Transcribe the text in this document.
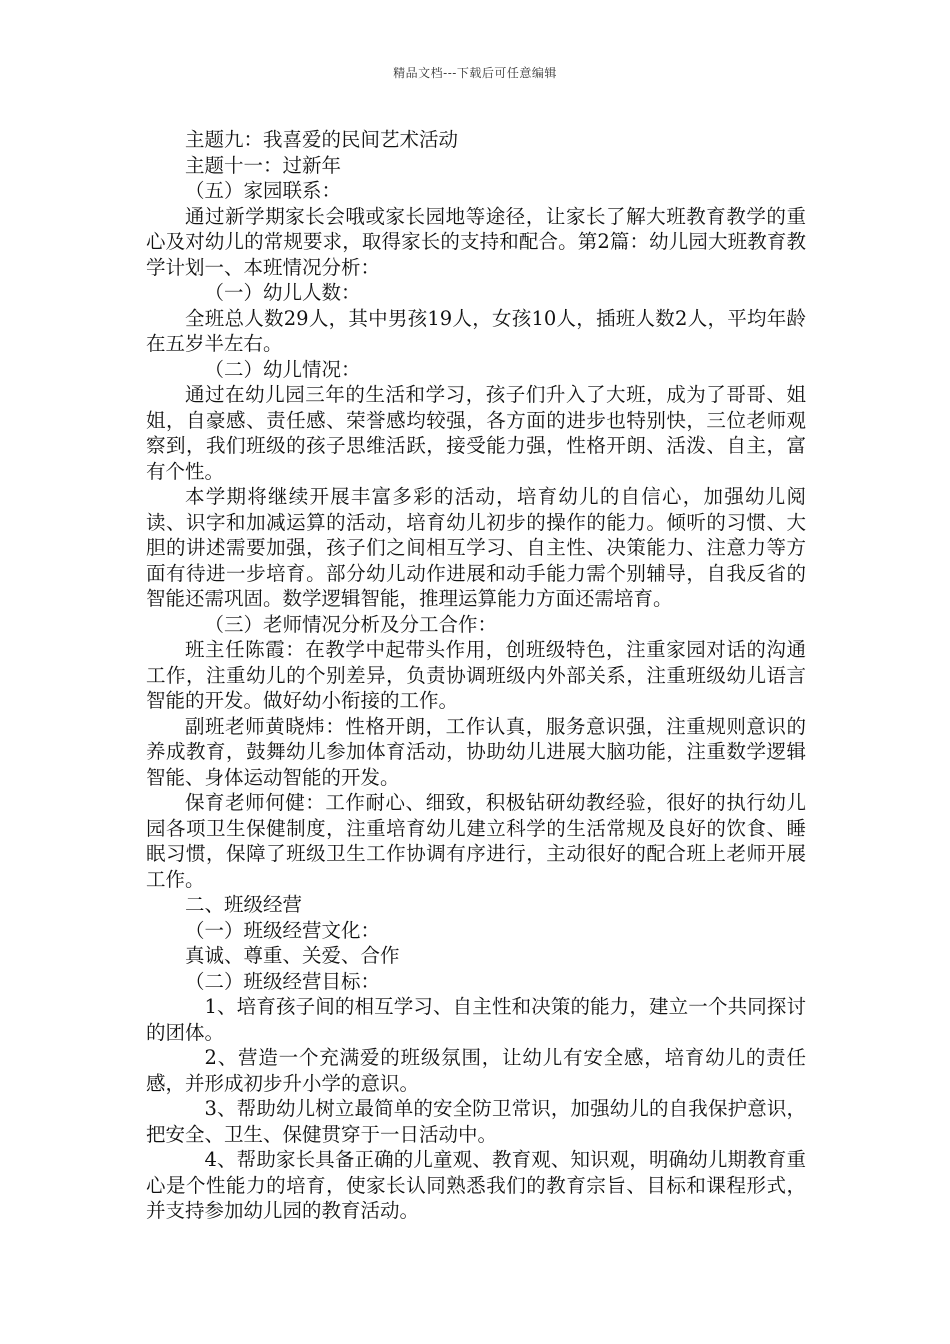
精品文档---下载后可任意编辑

主题九：我喜爱的民间艺术活动

主题十一：过新年

（五）家园联系：

通过新学期家长会哦或家长园地等途径，让家长了解大班教育教学的重心及对幼儿的常规要求，取得家长的支持和配合。第2篇：幼儿园大班教育教学计划一、本班情况分析：

（一）幼儿人数：

全班总人数29人，其中男孩19人，女孩10人，插班人数2人，平均年龄在五岁半左右。

（二）幼儿情况：

通过在幼儿园三年的生活和学习，孩子们升入了大班，成为了哥哥、姐姐，自豪感、责任感、荣誉感均较强，各方面的进步也特别快，三位老师观察到，我们班级的孩子思维活跃，接受能力强，性格开朗、活泼、自主，富有个性。

本学期将继续开展丰富多彩的活动，培育幼儿的自信心，加强幼儿阅读、识字和加减运算的活动，培育幼儿初步的操作的能力。倾听的习惯、大胆的讲述需要加强，孩子们之间相互学习、自主性、决策能力、注意力等方面有待进一步培育。部分幼儿动作进展和动手能力需个别辅导，自我反省的智能还需巩固。数学逻辑智能，推理运算能力方面还需培育。

（三）老师情况分析及分工合作：

班主任陈霞：在教学中起带头作用，创班级特色，注重家园对话的沟通工作，注重幼儿的个别差异，负责协调班级内外部关系，注重班级幼儿语言智能的开发。做好幼小衔接的工作。

副班老师黄晓炜：性格开朗，工作认真，服务意识强，注重规则意识的养成教育，鼓舞幼儿参加体育活动，协助幼儿进展大脑功能，注重数学逻辑智能、身体运动智能的开发。

保育老师何健：工作耐心、细致，积极钻研幼教经验，很好的执行幼儿园各项卫生保健制度，注重培育幼儿建立科学的生活常规及良好的饮食、睡眠习惯，保障了班级卫生工作协调有序进行，主动很好的配合班上老师开展工作。

二、班级经营

（一）班级经营文化：

真诚、尊重、关爱、合作

（二）班级经营目标：

1、培育孩子间的相互学习、自主性和决策的能力，建立一个共同探讨的团体。

2、营造一个充满爱的班级氛围，让幼儿有安全感，培育幼儿的责任感，并形成初步升小学的意识。

3、帮助幼儿树立最简单的安全防卫常识，加强幼儿的自我保护意识，把安全、卫生、保健贯穿于一日活动中。

4、帮助家长具备正确的儿童观、教育观、知识观，明确幼儿期教育重心是个性能力的培育，使家长认同熟悉我们的教育宗旨、目标和课程形式，并支持参加幼儿园的教育活动。
